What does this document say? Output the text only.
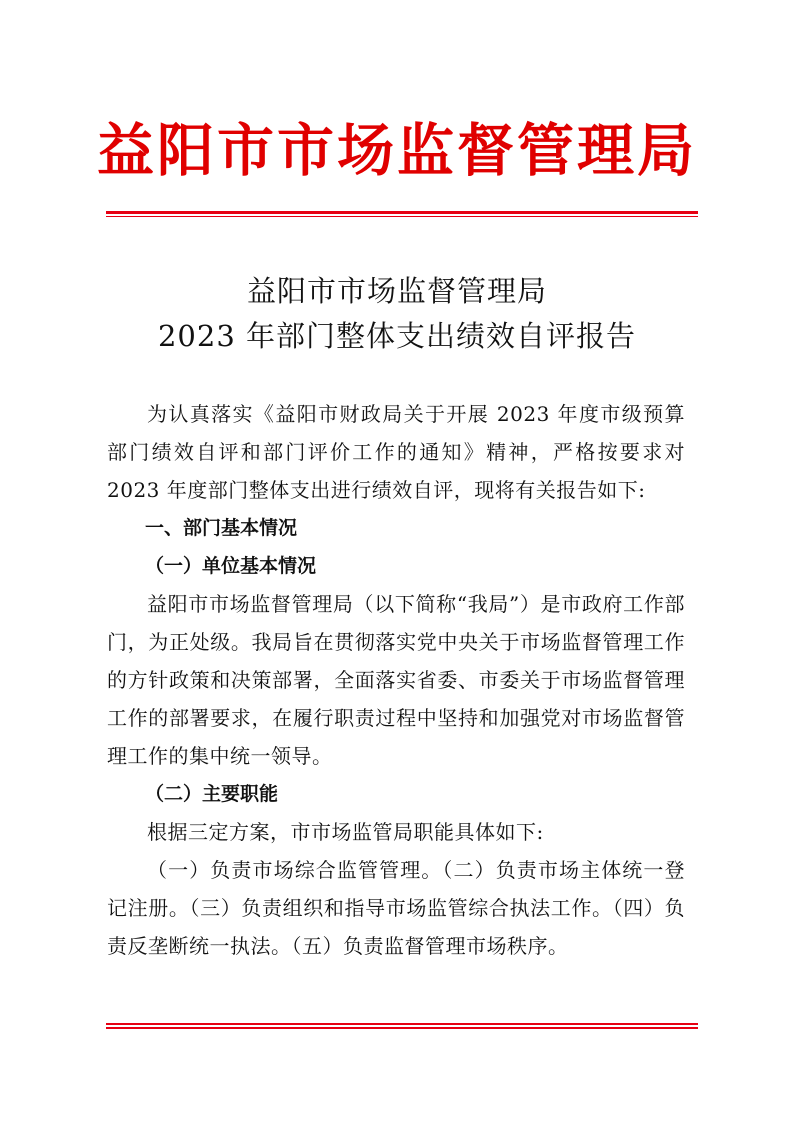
益阳市市场监督管理局
益阳市市场监督管理局
2023 年部门整体支出绩效自评报告

为认真落实《益阳市财政局关于开展 2023 年度市级预算部门绩效自评和部门评价工作的通知》精神，严格按要求对 2023 年度部门整体支出进行绩效自评，现将有关报告如下:

一、部门基本情况

（一）单位基本情况

益阳市市场监督管理局（以下简称“我局”）是市政府工作部门，为正处级。我局旨在贯彻落实党中央关于市场监督管理工作的方针政策和决策部署，全面落实省委、市委关于市场监督管理工作的部署要求，在履行职责过程中坚持和加强党对市场监督管理工作的集中统一领导。

（二）主要职能

根据三定方案，市市场监管局职能具体如下:

（一）负责市场综合监管管理。（二）负责市场主体统一登记注册。（三）负责组织和指导市场监管综合执法工作。（四）负责反垄断统一执法。（五）负责监督管理市场秩序。
